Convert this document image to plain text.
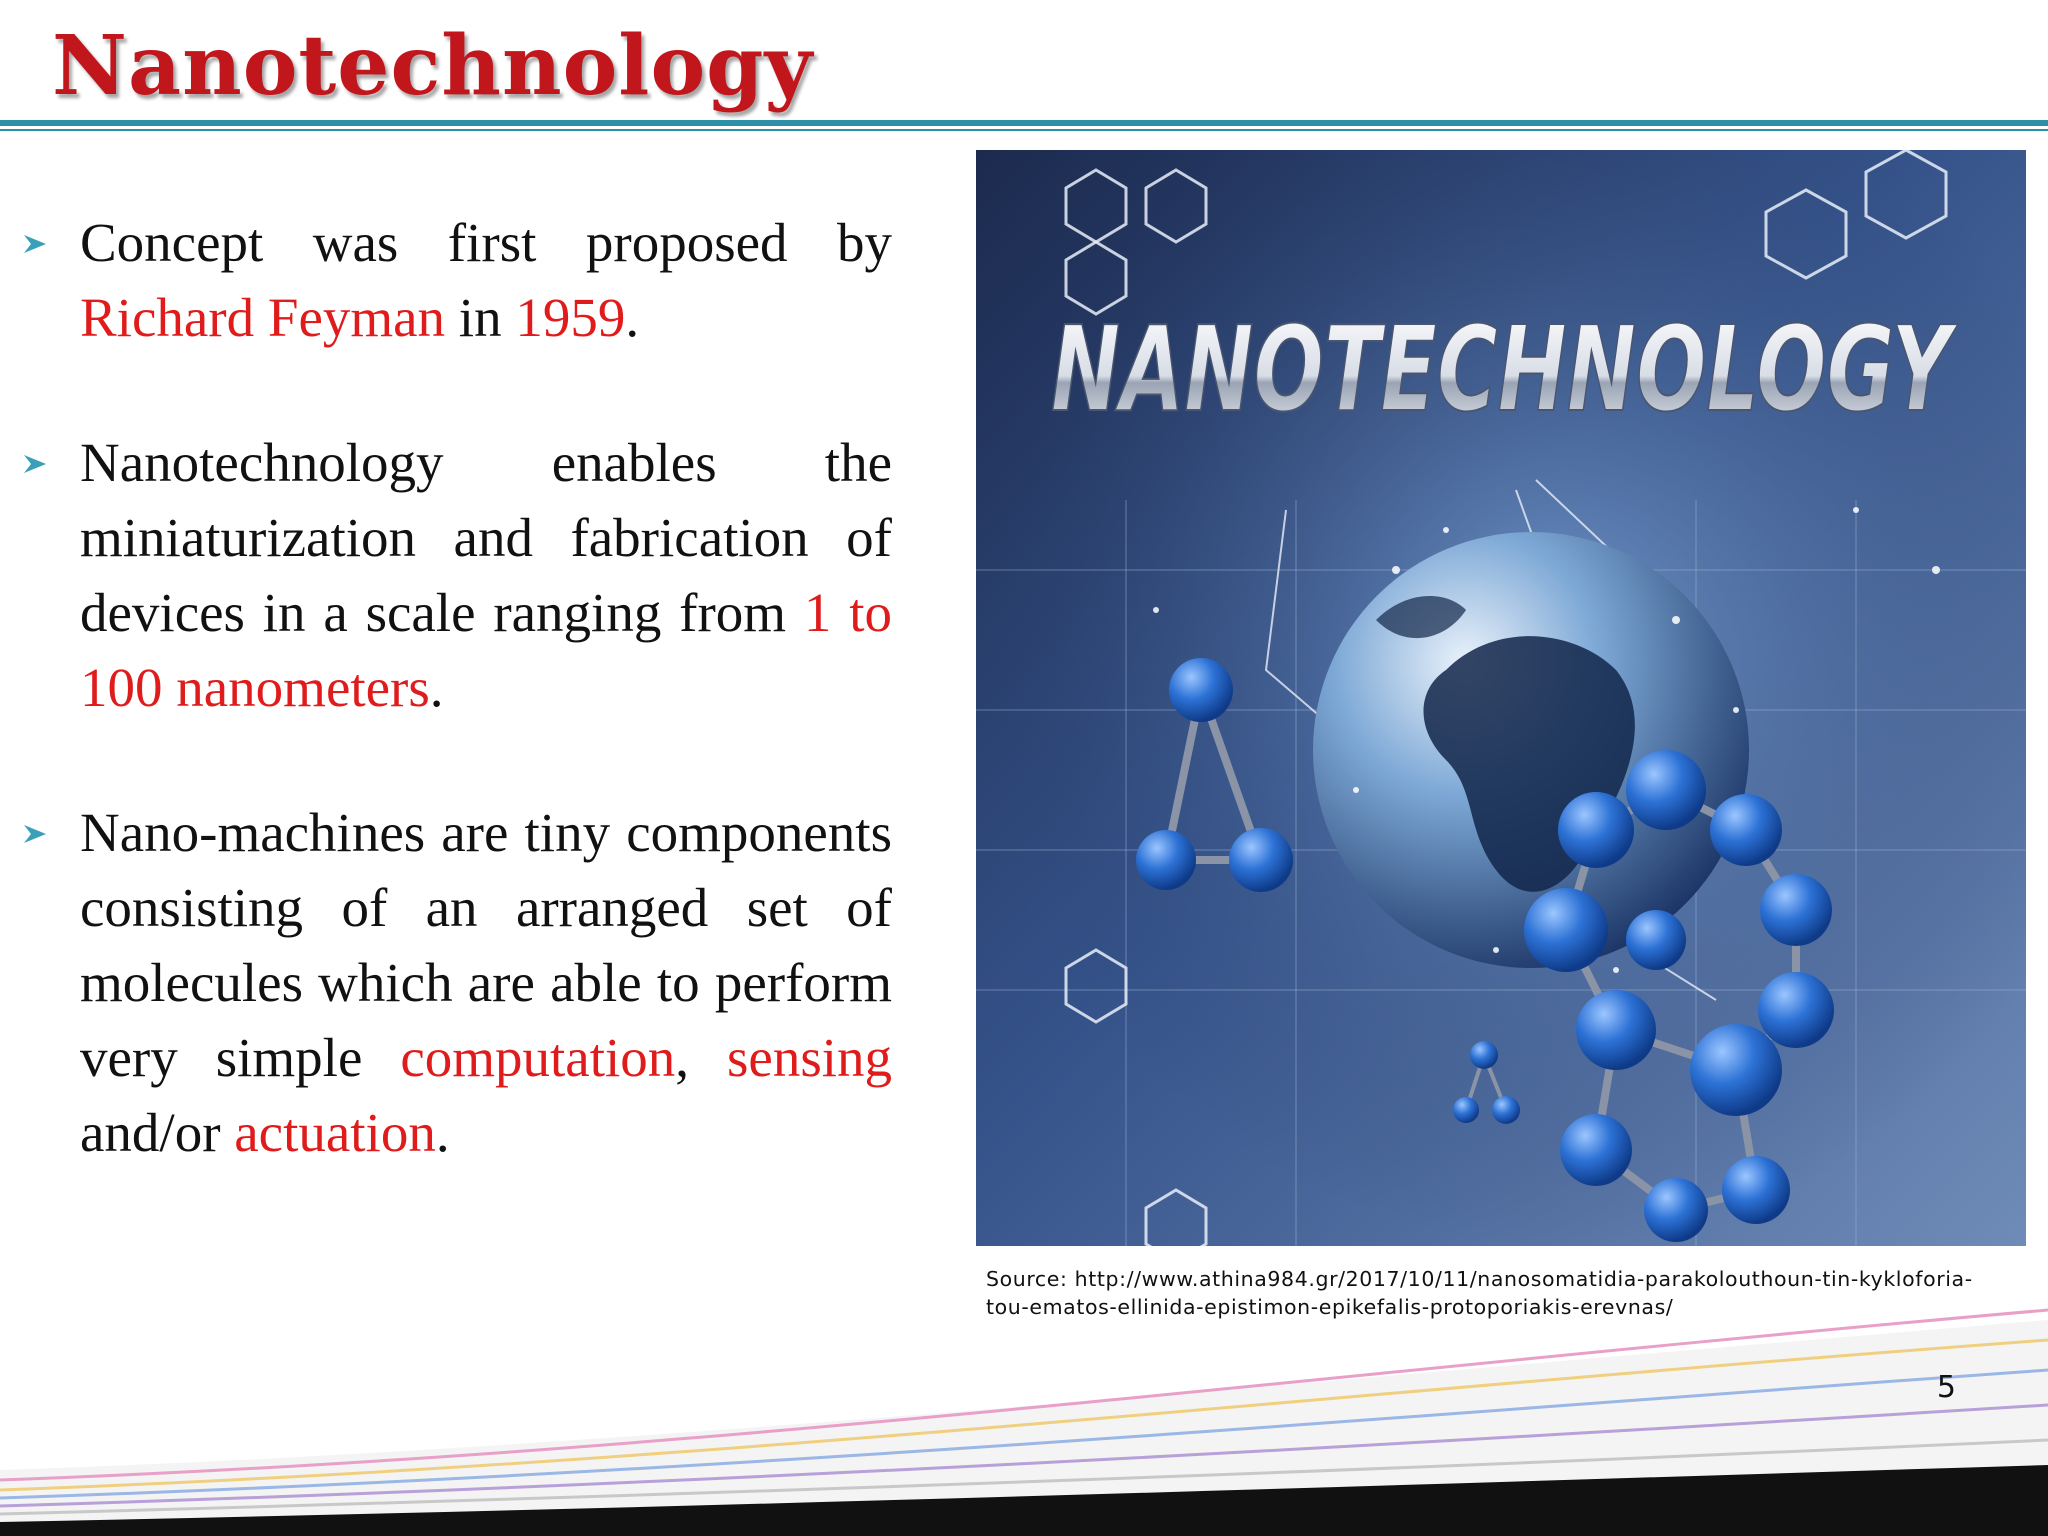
Nanotechnology
Concept was first proposed by Richard Feyman in 1959.
Nanotechnology enables the miniaturization and fabrication of devices in a scale ranging from 1 to 100 nanometers.
Nano-machines are tiny components consisting of an arranged set of molecules which are able to perform very simple computation, sensing and/or actuation.
NANOTECHNOLOGY
Source: http://www.athina984.gr/2017/10/11/nanosomatidia-parakolouthoun-tin-kykloforia-
tou-ematos-ellinida-epistimon-epikefalis-protoporiakis-erevnas/
5
